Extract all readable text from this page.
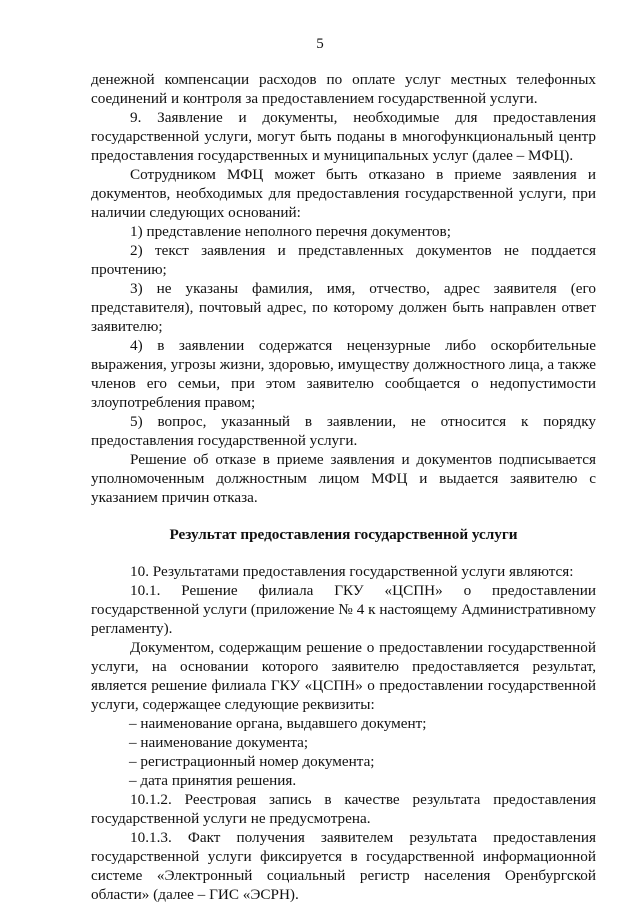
5

денежной компенсации расходов по оплате услуг местных телефонных соединений и контроля за предоставлением государственной услуги.

9. Заявление и документы, необходимые для предоставления государственной услуги, могут быть поданы в многофункциональный центр предоставления государственных и муниципальных услуг (далее – МФЦ).

Сотрудником МФЦ может быть отказано в приеме заявления и документов, необходимых для предоставления государственной услуги, при наличии следующих оснований:

1) представление неполного перечня документов;

2) текст заявления и представленных документов не поддается прочтению;

3) не указаны фамилия, имя, отчество, адрес заявителя (его представителя), почтовый адрес, по которому должен быть направлен ответ заявителю;

4) в заявлении содержатся нецензурные либо оскорбительные выражения, угрозы жизни, здоровью, имуществу должностного лица, а также членов его семьи, при этом заявителю сообщается о недопустимости злоупотребления правом;

5) вопрос, указанный в заявлении, не относится к порядку предоставления государственной услуги.

Решение об отказе в приеме заявления и документов подписывается уполномоченным должностным лицом МФЦ и выдается заявителю с указанием причин отказа.

Результат предоставления государственной услуги

10. Результатами предоставления государственной услуги являются:

10.1. Решение филиала ГКУ «ЦСПН» о предоставлении государственной услуги (приложение № 4 к настоящему Административному регламенту).

Документом, содержащим решение о предоставлении государственной услуги, на основании которого заявителю предоставляется результат, является решение филиала ГКУ «ЦСПН» о предоставлении государственной услуги, содержащее следующие реквизиты:

– наименование органа, выдавшего документ;

– наименование документа;

– регистрационный номер документа;

– дата принятия решения.

10.1.2. Реестровая запись в качестве результата предоставления государственной услуги не предусмотрена.

10.1.3. Факт получения заявителем результата предоставления государственной услуги фиксируется в государственной информационной системе «Электронный социальный регистр населения Оренбургской области» (далее – ГИС «ЭСРН).
